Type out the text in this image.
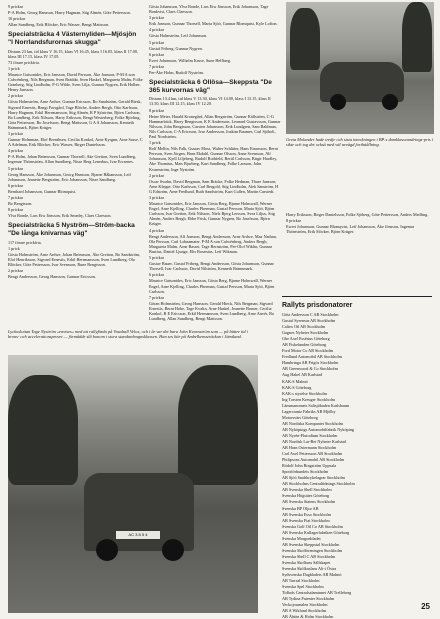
9 prickar

P-A Holm, Georg Hansson, Harry Hagman, Stig Almén, Göte Pettersson.

10 prickar

Allan Sundberg, Erik Blöcker, Eric Wasser, Bengt Mattsson.

Specialsträcka 4 Västernyliden—Mjösjön "I Norrlandsfurornas skugga"

Distans 23 km, tid klass V 16.15, klass VI 16.45, klass I 16.05, klass II 17.00, klass III 17.15, klass IV 17.05.

73 förare prickfria.

1 prick

Maurice Gatsonides, Eric Jansson, David Persson, Åke Jansson, P-M A:son Cafwénberg, Nils Bergman, Sven Bräddø, Sven Haskel, Margareta Malm, Folke Granberg, Stig Lindholm, P-G Wilde, Sven Lilja, Gunnar Nygren, Erik Holber, Henry Jansson.

2 prickar

Gösta Holmström, Arne Ardwe, Gunnar Ericsson, Bo Sandström, Gerald Biesk, Sigvard Ernestis, Bengt Forsgård, Tage Blöche, Anders Bergh, Otto Karlsson, Harry Hagman, Erkil Herrmansson, Stig Almén, R P Sjöström, Björn Carlsson, Bo Lundberg, Erik Nilsson, Harry Eriksson, Bengt Westerberg, Folke Björling, Göta Pettersson, Bo Josefsson, Bengt Mattsson, G A A Johansson, Kenneth Brännmark, Björn Krüger.

3 prickar

Gunnar Holmman, Elof Brenthsen, Cecilia Konkol, Arne Kyrgnn, Arne Sasse, C A Adelman, Erik Blöcker, Eric Wasser, Birger Danielsson.

4 prickar

P-A Holm, Johan Brömsson, Gunnar Thorsell, Ake Greiton, Sven Lundberg, Ingemar Thörnström, Allan Sundberg, Nisse Berg Lenerhus, Ivar Ercsenes.

5 prickar

Georg Hansson, Åke Johansson, Georg Hansson, Bjarne Håkansson, Leif Johansson, Jeanette Bergström, Eric Johansson, Nisse Sandberg.

6 prickar

Bernhard Johansson, Gunnar Blomquist.

7 prickar

Bo Bengtsson.

8 prickar

Ylva Bonde, Lars Eiw Jönsson, Erik Smedry, Claes Claesson.

Specialsträcka 5 Nyström—Ström-backa "De långa knivarnas väg"

117 förare prickfria.

1 prick

Gösta Holmström, Arne Ardwe, Johan Brömsson, Åke Greiton, Bo Sandström, Elof Henriksson, Sigvard Ernestis, Erkil Herrmansson, Sven Lundberg, Ola Blöcker, Göte Pettersson, Ivar Svensson, Rune Bengtsson.

2 prickar

Bengt Andersson, Georg Hansson, Gunnar Ericsson.

Gösta Johansson, Ylva Bonde, Lars Eiw Jönsson, Erik Johansson, Tage Bonkvist, Claes Claesson.

3 prickar

Erik Jansson, Gunnar Thorsell, Maria Sjöö, Gunnar Blomquist, Kyle Lofton.

4 prickar

Gösta Holmström, Leif Johansson.

5 prickar

Gustaf Friberg, Gunnar Nygren.

6 prickar

Evert Johansson, Wilhelm Kruse, Sune Hellberg.

7 prickar

Per-Åke Holm, Rudolf Nyström.

Specialsträcka 6 Ollösa—Skeppsta "De 365 kurvornas väg"

Distans 13.4 km, tid klass V 13.30, klass VI 14.00, klass I 13.15, klass II 13.50, klass III 12.15, klass IV 12.20.

8 prickar

Heine Meier, Harald Kronegård, Allan Bergström, Gunnar Källström, C-G Hammarbäck, Harry Bengtsson, K E Andersson, Leonard Gustavsson, Gunnar Nilsson, John Bengtsson, Carsten Johansson, Erik Lundgren, Sam Bahlman, Nils Carlsson, C-A Ericsson, Ivar Andersson, Joakim Baumer, Carl Sjöholt, Paul Nordström.

1 prick

Rolf Mellin, Nils Falk, Gustav Moss, Walter Schlüter, Hans Einarsson, Bernt Persson, Sven Jörgen, Hans Ekdahl, Gunnar Olsson, Anne Svensson, Alf Johansson, Kjell Liljeberg, Rudolf Rothfeld, Bertil Carlsson, Birgir Hardley, Åke Thomäus, Mats Bjurberg, Kurt Sandberg, Folke Larsson, John Kvarnström, Inge Nyström.

2 prickar

Oscar Swahn, David Bergman, Sam Bräcke, Folke Hedman, Thure Jansson, Arne Kleppe, Otto Karlsson, Carl Bergold, Stig Lindholm, Alek Sanström, H G Edström, Arne Fredlund, Ruth Sandström, Kurt Cullen, Martin Carstedt.

3 prickar

Maurice Gatsonides, Eric Jansson, Gösta Berg, Bjarne Holmwall, Werner Engel, Arne Kjelling, Charles Pherman, Gustaf Persson, Maria Sjöö, Björn Carlsson, Ivar Greiton, Erik Nilsson, Niels Bjerg Lersson, Svea Liljus, Stig Almén, Anders Bergh, Ebbe Frisk, Gunnar Nygren, Bo Josefsson, Björn Krüger.

4 prickar

Bengt Andersson, Alf Jonsson, Bengt Andersson, Arne Ardwe, Max Nathan, Ola Persson, Carl Lohnamaier, P-M A:son Cafwénberg, Anders Bergh, Margareta Malm, Arne Basset, Tage Bernström, Per-Olof Wiklin, Gunnar Bastius, Daniel Ljunge, Elis Rosenius, Leif Wikman.

5 prickar

Gustav Bauer, Gustaf Friberg, Bengt Andersson, Gösta Johansson, Gunnar Thorsell, Ivar Carlsson, David Nilström, Kenneth Brännmark.

6 prickar

Maurice Gatsonides, Eric Jansson, Gösta Berg, Bjarne Holmwall, Werner Engel, Arne Kjelling, Charles Pherman, Gustaf Persson, Maria Sjöö, Björn Carlsson.

7 prickar

Göran Holmström, Georg Hansson, Gerald Hieck, Nils Bergman, Sigvard Ernestis, Bernt Hohe, Tage Kvalin, Arne Haskel, Jeanette Borner, Cecilia Konkol, R E Ericsson, Erkil Hermansson, Sven Lundberg, Arne Anvér, Bo Lundberg, Allan Sundberg, Bengt Mattsson.

Greta Molander hade tredje och sista inteckningen i BP:s damklassvandrings-pris i sikte och tog det också med väl avvägd fortháållning.

Harry Eriksson, Birger Danielsson, Folke Sjöberg, Göte Pettersson, Anders Medling.

8 prickar

Ewert Johansson, Gunnar Blomqvist, Leif Johansson, Åke Jönsson, Ingemar Thörnström, Erik Slöcker, Björn Krüger.

Lyckoslottan Tage Nyström «envises» med att rallyfärda på Vauxhall Velox, och i år var det bara John Kvarnström som — på bättre tid i brons- och accelerationsprovet — förmådde slå honom i stora standardvagnsklassen. Han ses här på Ambelkenssträckan i Jämtland.
AC 3 8 5 4
Rallyts prisdonatorer

Göta Andersson C AB Stockholm

Gustaf Syrensus AB Stockholm

Caltex Oil AB Stockholm

Gagnes Nyheter Stockholm

Ghe Axel Essérius Göteborg

AB Fiskelunden Göteborg

Ford Motor Co AB Stockholm

Fredlund Automobil AB Stockholm

Hambringa AB Frigös Stockholm

AB Greenwood & Co Stockholm

Aug Hakel AB Karlstad

KAK:S Malmö

KAK:S Göteborg

KAK:s styrelse Stockholm

Ing Torsten Kreuger Stockholm

Länsmanomets Saltsjöbaden Karlsbaum

Lagercrantz Fabriks AB Mjölby

Motorsvärs Göteborg

AB Nordiska Kompaniet Stockholm

AB Nyköpings Automobilfabrik Nyköping

AB Nyrén-Flutodium Stockholm

AB Nordisk Lar-Bet Nyheter Karlstad

AB Hans Ostermann Stockholm

Carl Axel Pettersson AB Stockholm

Philipsons Automobil AB Stockholm

Rödolf John Ringström Uppsala

Sportförbundets Stockholm

AB Sjöö Snabbcykelagrar Stockholm

AB Stockholms Centraltidnings Stockholm

AB Svenska Shell Stockholm

Svenska Högsätes Göteborg

AB Svenska Statens Stockholm

Svenska BP Oljor AB

AB Svenska Esso Stockholm

AB Svenska Fiat Stockholm

Svenska Golf Oil Co AB Stockholm

AB Svenska Kullagerfabriken Göteborg

Svenska Morgonbladet

AB Svenska Skeppstal Stockholm

Svenska Skolföreningen Stockholm

Svenska Shell C AB Stockholm

Svenska Skolbuss Sällskapet

Svenska Skölkuslans Alt-i Östra

Sydsvenska Dagbladets AB Malmö

AB Tarrsal Stockholm

Svenska Spel Stockholm

Tidhafs Centralsalaminnet AB Trelleborg

AB Tydina Patenter Stockholm

Veckojournalen Stockholm

AB A Wiklund Stockholm

AB Åbiön & Holm Stockholm

25
